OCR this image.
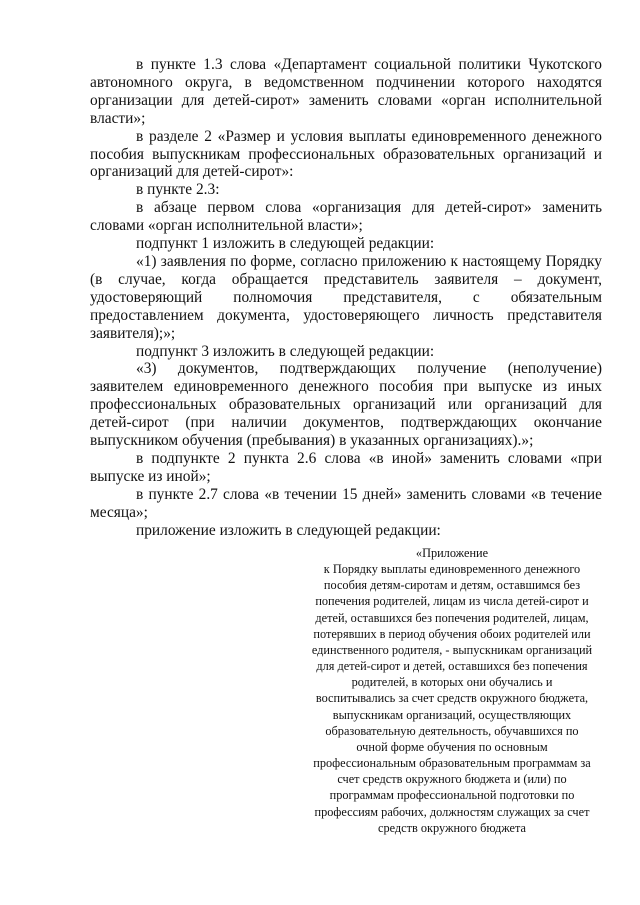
в пункте 1.3 слова «Департамент социальной политики Чукотского автономного округа, в ведомственном подчинении которого находятся организации для детей-сирот» заменить словами «орган исполнительной власти»;

в разделе 2 «Размер и условия выплаты единовременного денежного пособия выпускникам профессиональных образовательных организаций и организаций для детей-сирот»:

в пункте 2.3:

в абзаце первом слова «организация для детей-сирот» заменить словами «орган исполнительной власти»;

подпункт 1 изложить в следующей редакции:

«1) заявления по форме, согласно приложению к настоящему Порядку (в случае, когда обращается представитель заявителя – документ, удостоверяющий полномочия представителя, с обязательным предоставлением документа, удостоверяющего личность представителя заявителя);»;

подпункт 3 изложить в следующей редакции:

«3) документов, подтверждающих получение (неполучение) заявителем единовременного денежного пособия при выпуске из иных профессиональных образовательных организаций или организаций для детей-сирот (при наличии документов, подтверждающих окончание выпускником обучения (пребывания) в указанных организациях).»;

в подпункте 2 пункта 2.6 слова «в иной» заменить словами «при выпуске из иной»;

в пункте 2.7 слова «в течении 15 дней» заменить словами «в течение месяца»;

приложение изложить в следующей редакции:

«Приложение
к Порядку выплаты единовременного денежного
пособия детям-сиротам и детям, оставшимся без
попечения родителей, лицам из числа детей-сирот и
детей, оставшихся без попечения родителей, лицам,
потерявших в период обучения обоих родителей или
единственного родителя, - выпускникам организаций
для детей-сирот и детей, оставшихся без попечения
родителей, в которых они обучались и
воспитывались за счет средств окружного бюджета,
выпускникам организаций, осуществляющих
образовательную деятельность, обучавшихся по
очной форме обучения по основным
профессиональным образовательным программам за
счет средств окружного бюджета и (или) по
программам профессиональной подготовки по
профессиям рабочих, должностям служащих за счет
средств окружного бюджета
